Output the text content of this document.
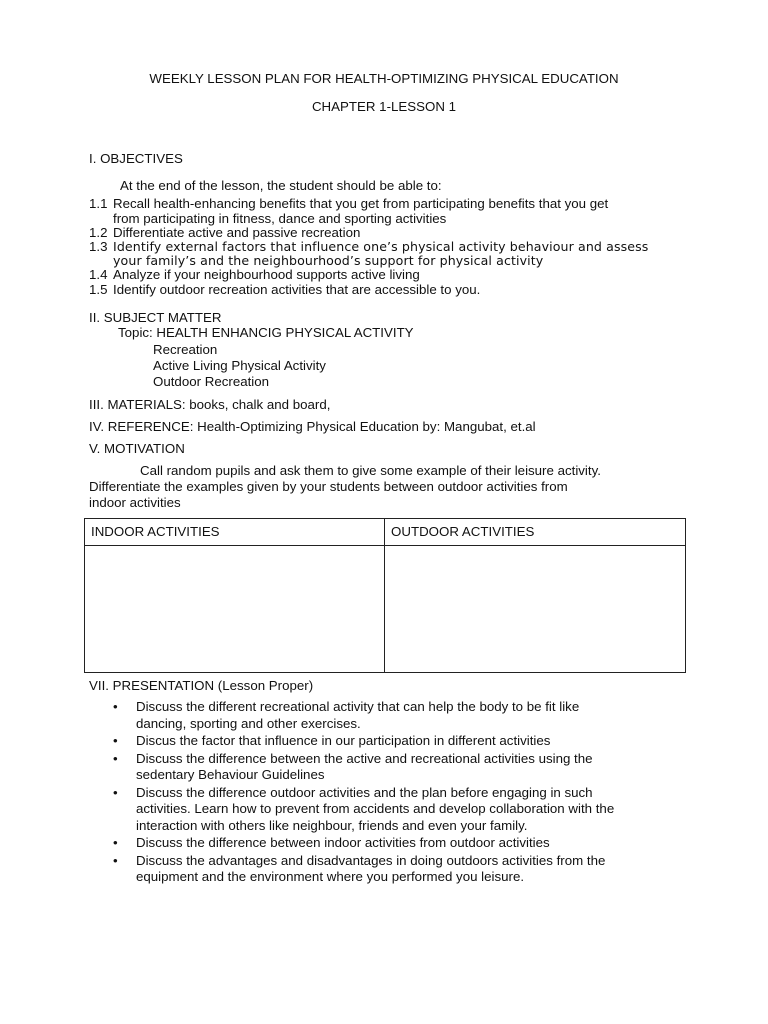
WEEKLY LESSON PLAN FOR HEALTH-OPTIMIZING PHYSICAL EDUCATION
CHAPTER 1-LESSON 1
I. OBJECTIVES
At the end of the lesson, the student should be able to:
1.1 Recall health-enhancing benefits that you get from participating benefits that you get
from participating in fitness, dance and sporting activities
1.2 Differentiate active and passive recreation
1.3 Identify external factors that influence one’s physical activity behaviour and assess
your family’s and the neighbourhood’s support for physical activity
1.4 Analyze if your neighbourhood supports active living
1.5 Identify outdoor recreation activities that are accessible to you.
II. SUBJECT MATTER
Topic: HEALTH ENHANCIG PHYSICAL ACTIVITY
Recreation
Active Living Physical Activity
Outdoor Recreation
III. MATERIALS: books, chalk and board,
IV. REFERENCE: Health-Optimizing Physical Education by: Mangubat, et.al
V. MOTIVATION
Call random pupils and ask them to give some example of their leisure activity.
Differentiate the examples given by your students between outdoor activities from
indoor activities
INDOOR ACTIVITIES	OUTDOOR ACTIVITIES

VII. PRESENTATION (Lesson Proper)
• Discuss the different recreational activity that can help the body to be fit like
dancing, sporting and other exercises.
• Discus the factor that influence in our participation in different activities
• Discuss the difference between the active and recreational activities using the
sedentary Behaviour Guidelines
• Discuss the difference outdoor activities and the plan before engaging in such
activities. Learn how to prevent from accidents and develop collaboration with the
interaction with others like neighbour, friends and even your family.
• Discuss the difference between indoor activities from outdoor activities
• Discuss the advantages and disadvantages in doing outdoors activities from the
equipment and the environment where you performed you leisure.
